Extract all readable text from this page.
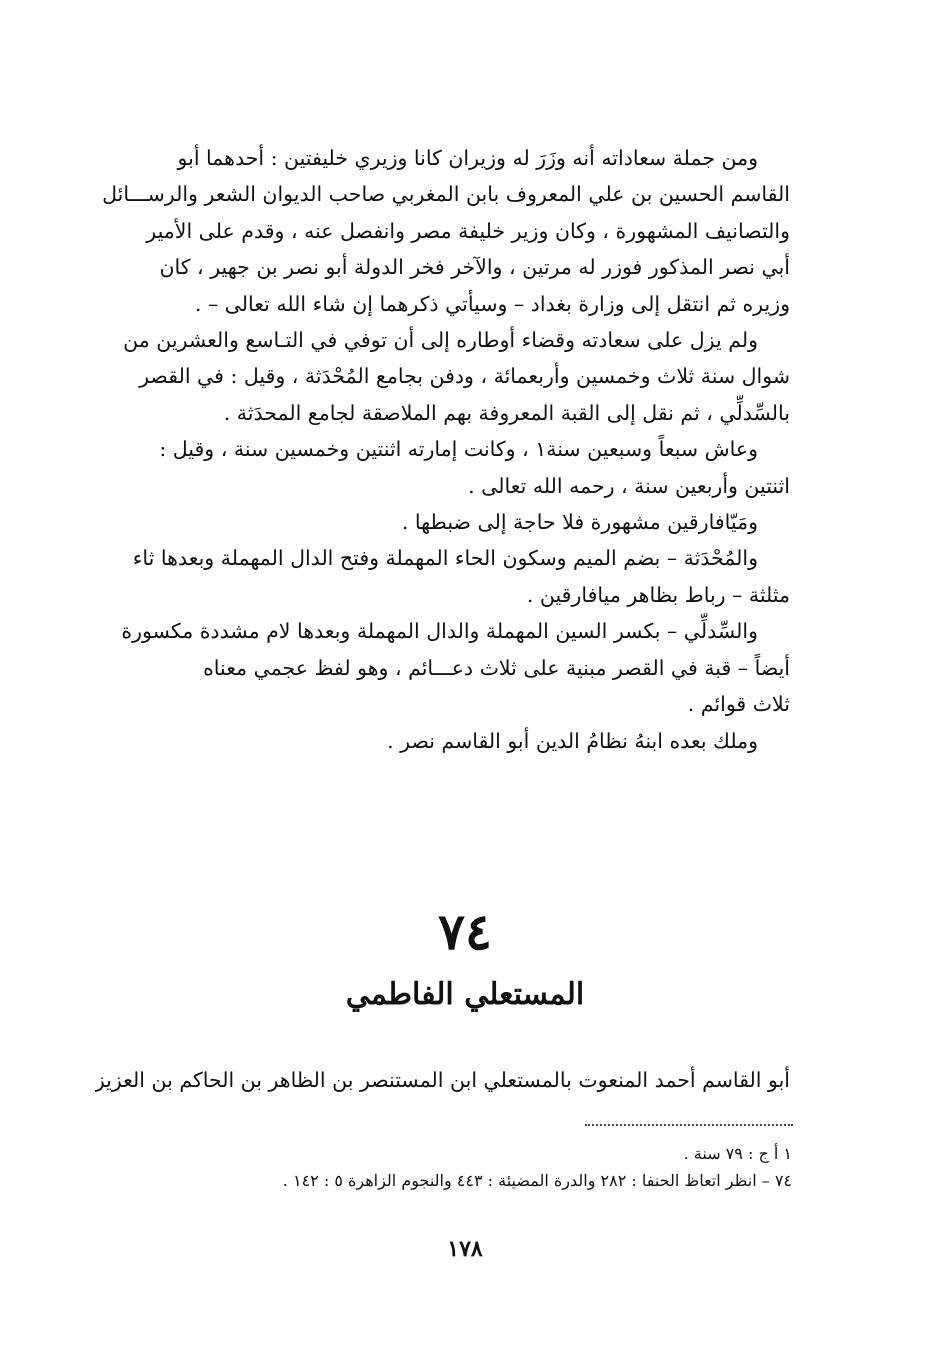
ومن جملة سعاداته أنه وزَرَ له وزيران كانا وزيري خليفتين : أحدهما أبو
القاسم الحسين بن علي المعروف بابن المغربي صاحب الديوان الشعر والرســـائل
والتصانيف المشهورة ، وكان وزير خليفة مصر وانفصل عنه ، وقدم على الأمير
أبي نصر المذكور فوزر له مرتين ، والآخر فخر الدولة أبو نصر بن جهير ، كان
وزيره ثم انتقل إلى وزارة بغداد – وسيأتي ذكرهما إن شاء الله تعالى – .

ولم يزل على سعادته وقضاء أوطاره إلى أن توفي في التـاسع والعشرين من
شوال سنة ثلاث وخمسين وأربعمائة ، ودفن بجامع المُحْدَثة ، وقيل : في القصر
بالسِّدلِّي ، ثم نقل إلى القبة المعروفة بهم الملاصقة لجامع المحدَثة .

وعاش سبعاً وسبعين سنة١ ، وكانت إمارته اثنتين وخمسين سنة ، وقيل :
اثنتين وأربعين سنة ، رحمه الله تعالى .

ومَيّافارقين مشهورة فلا حاجة إلى ضبطها .

والمُحْدَثة – بضم الميم وسكون الحاء المهملة وفتح الدال المهملة وبعدها ثاء
مثلثة – رباط بظاهر ميافارقين .

والسِّدلِّي – بكسر السين المهملة والدال المهملة وبعدها لام مشددة مكسورة
أيضاً – قبة في القصر مبنية على ثلاث دعـــائم ، وهو لفظ عجمي معناه
ثلاث قوائم .

وملك بعده ابنهُ نظامُ الدين أبو القاسم نصر .

٧٤
المستعلي الفاطمي
أبو القاسم أحمد المنعوت بالمستعلي ابن المستنصر بن الظاهر بن الحاكم بن العزيز
١ أ ج : ٧٩ سنة .
٧٤ – انظر اتعاظ الحنفا : ٢٨٢ والدرة المضيئة : ٤٤٣ والنجوم الزاهرة ٥ : ١٤٢ .
١٧٨
